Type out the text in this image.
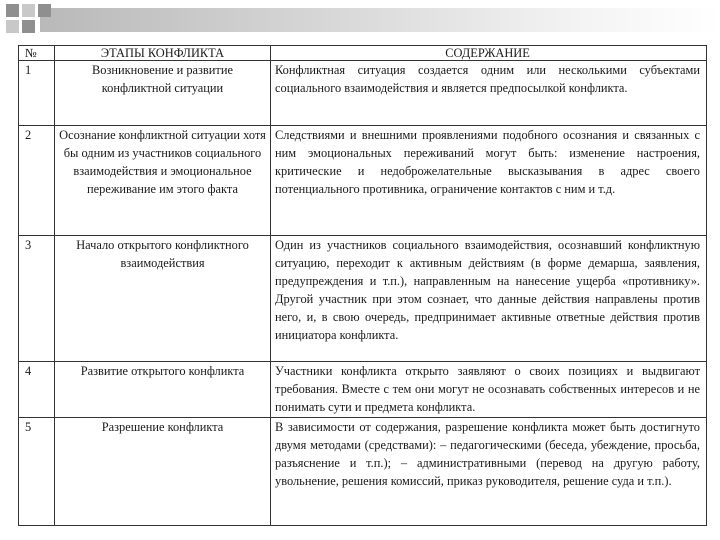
№	ЭТАПЫ КОНФЛИКТА	СОДЕРЖАНИЕ
1	Возникновение и развитие конфликтной ситуации	Конфликтная ситуация создается одним или несколькими субъектами социального взаимодействия и является предпосылкой конфликта.
2	Осознание конфликтной ситуации хотя бы одним из участников социального взаимодействия и эмоциональное переживание им этого факта	Следствиями и внешними проявлениями подобного осознания и связанных с ним эмоциональных переживаний могут быть: изменение настроения, критические и недоброжелательные высказывания в адрес своего потенциального противника, ограничение контактов с ним и т.д.
3	Начало открытого конфликтного взаимодействия	Один из участников социального взаимодействия, осознавший конфликтную ситуацию, переходит к активным действиям (в форме демарша, заявления, предупреждения и т.п.), направленным на нанесение ущерба «противнику». Другой участник при этом сознает, что данные действия направлены против него, и, в свою очередь, предпринимает активные ответные действия против инициатора конфликта.
4	Развитие открытого конфликта	Участники конфликта открыто заявляют о своих позициях и выдвигают требования. Вместе с тем они могут не осознавать собственных интересов и не понимать сути и предмета конфликта.
5	Разрешение конфликта	В зависимости от содержания, разрешение конфликта может быть достигнуто двумя методами (средствами): – педагогическими (беседа, убеждение, просьба, разъяснение и т.п.); – административными (перевод на другую работу, увольнение, решения комиссий, приказ руководителя, решение суда и т.п.).
